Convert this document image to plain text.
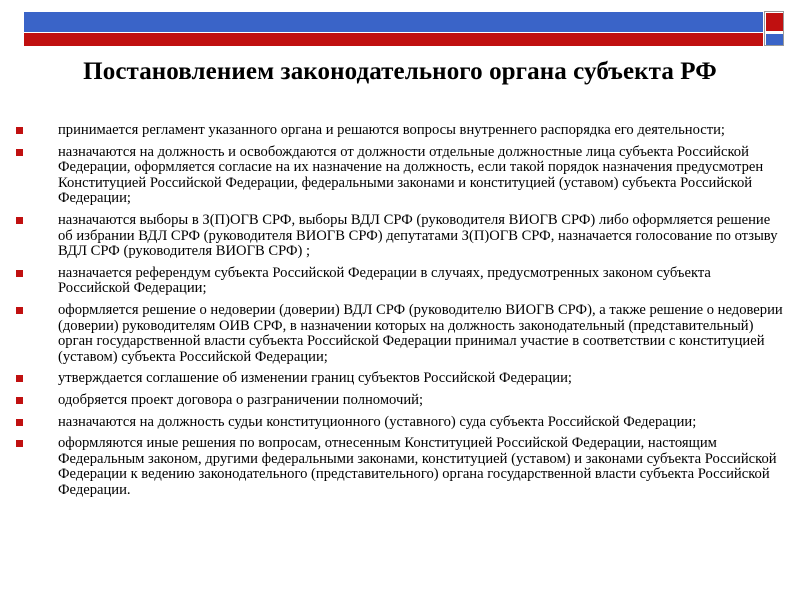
Постановлением законодательного органа субъекта РФ
принимается регламент указанного органа и решаются вопросы внутреннего распорядка его деятельности;
назначаются на должность и освобождаются от должности отдельные должностные лица субъекта Российской Федерации, оформляется согласие на их назначение на должность, если такой порядок назначения предусмотрен Конституцией Российской Федерации, федеральными законами и конституцией (уставом) субъекта Российской Федерации;
назначаются выборы в З(П)ОГВ СРФ, выборы ВДЛ СРФ (руководителя ВИОГВ СРФ) либо оформляется решение об избрании ВДЛ СРФ (руководителя ВИОГВ СРФ) депутатами З(П)ОГВ СРФ, назначается голосование по отзыву ВДЛ СРФ (руководителя ВИОГВ СРФ) ;
назначается референдум субъекта Российской Федерации в случаях, предусмотренных законом субъекта Российской Федерации;
оформляется решение о недоверии (доверии) ВДЛ СРФ (руководителю ВИОГВ СРФ), а также решение о недоверии (доверии) руководителям ОИВ СРФ, в назначении которых на должность законодательный (представительный) орган государственной власти субъекта Российской Федерации принимал участие в соответствии с конституцией (уставом) субъекта Российской Федерации;
утверждается соглашение об изменении границ субъектов Российской Федерации;
одобряется проект договора о разграничении полномочий;
назначаются на должность судьи конституционного (уставного) суда субъекта Российской Федерации;
оформляются иные решения по вопросам, отнесенным Конституцией Российской Федерации, настоящим Федеральным законом, другими федеральными законами, конституцией (уставом) и законами субъекта Российской Федерации к ведению законодательного (представительного) органа государственной власти субъекта Российской Федерации.
